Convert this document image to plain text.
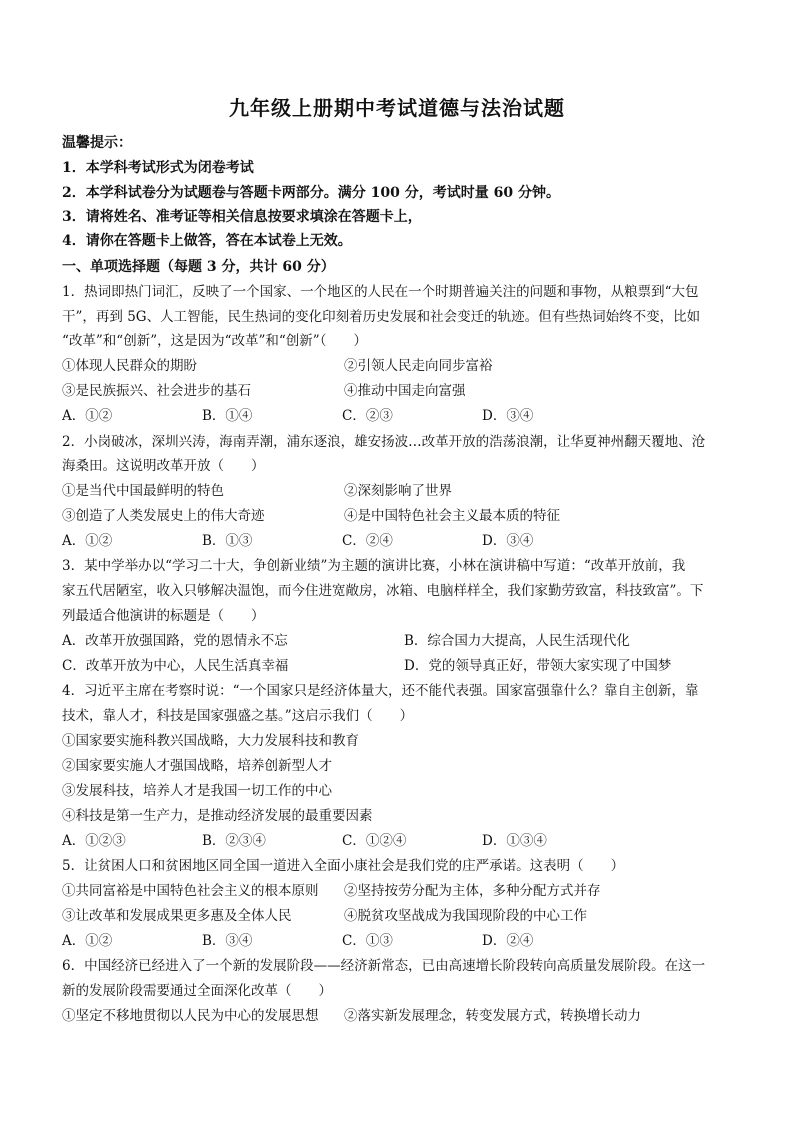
九年级上册期中考试道德与法治试题
温馨提示：
1．本学科考试形式为闭卷考试
2．本学科试卷分为试题卷与答题卡两部分。满分 100 分，考试时量 60 分钟。
3．请将姓名、准考证等相关信息按要求填涂在答题卡上，
4．请你在答题卡上做答，答在本试卷上无效。
一、单项选择题（每题 3 分，共计 60 分）
1．热词即热门词汇，反映了一个国家、一个地区的人民在一个时期普遍关注的问题和事物，从粮票到“大包
干”，再到 5G、人工智能，民生热词的变化印刻着历史发展和社会变迁的轨迹。但有些热词始终不变，比如
“改革”和“创新”，这是因为“改革”和“创新”（　　）
①体现人民群众的期盼	②引领人民走向同步富裕
③是民族振兴、社会进步的基石	④推动中国走向富强
A．①②	B．①④	C．②③	D．③④
2．小岗破冰，深圳兴涛，海南弄潮，浦东逐浪，雄安扬波…改革开放的浩荡浪潮，让华夏神州翻天覆地、沧
海桑田。这说明改革开放（　　）
①是当代中国最鲜明的特色	②深刻影响了世界
③创造了人类发展史上的伟大奇迹	④是中国特色社会主义最本质的特征
A．①②	B．①③	C．②④	D．③④
3．某中学举办以“学习二十大，争创新业绩”为主题的演讲比赛，小林在演讲稿中写道：“改革开放前，我
家五代居陋室，收入只够解决温饱，而今住进宽敞房，冰箱、电脑样样全，我们家勤劳致富，科技致富”。下
列最适合他演讲的标题是（　　）
A．改革开放强国路，党的恩情永不忘	B．综合国力大提高，人民生活现代化
C．改革开放为中心，人民生活真幸福	D．党的领导真正好，带领大家实现了中国梦
4．习近平主席在考察时说：“一个国家只是经济体量大，还不能代表强。国家富强靠什么？靠自主创新，靠
技术，靠人才，科技是国家强盛之基。”这启示我们（　　）
①国家要实施科教兴国战略，大力发展科技和教育
②国家要实施人才强国战略，培养创新型人才
③发展科技，培养人才是我国一切工作的中心
④科技是第一生产力，是推动经济发展的最重要因素
A．①②③	B．②③④	C．①②④	D．①③④
5．让贫困人口和贫困地区同全国一道进入全面小康社会是我们党的庄严承诺。这表明（　　）
①共同富裕是中国特色社会主义的根本原则 ②坚持按劳分配为主体，多种分配方式并存
③让改革和发展成果更多惠及全体人民	④脱贫攻坚战成为我国现阶段的中心工作
A．①②	B．③④	C．①③	D．②④
6．中国经济已经进入了一个新的发展阶段——经济新常态，已由高速增长阶段转向高质量发展阶段。在这一
新的发展阶段需要通过全面深化改革（　　）
①坚定不移地贯彻以人民为中心的发展思想 ②落实新发展理念，转变发展方式，转换增长动力
